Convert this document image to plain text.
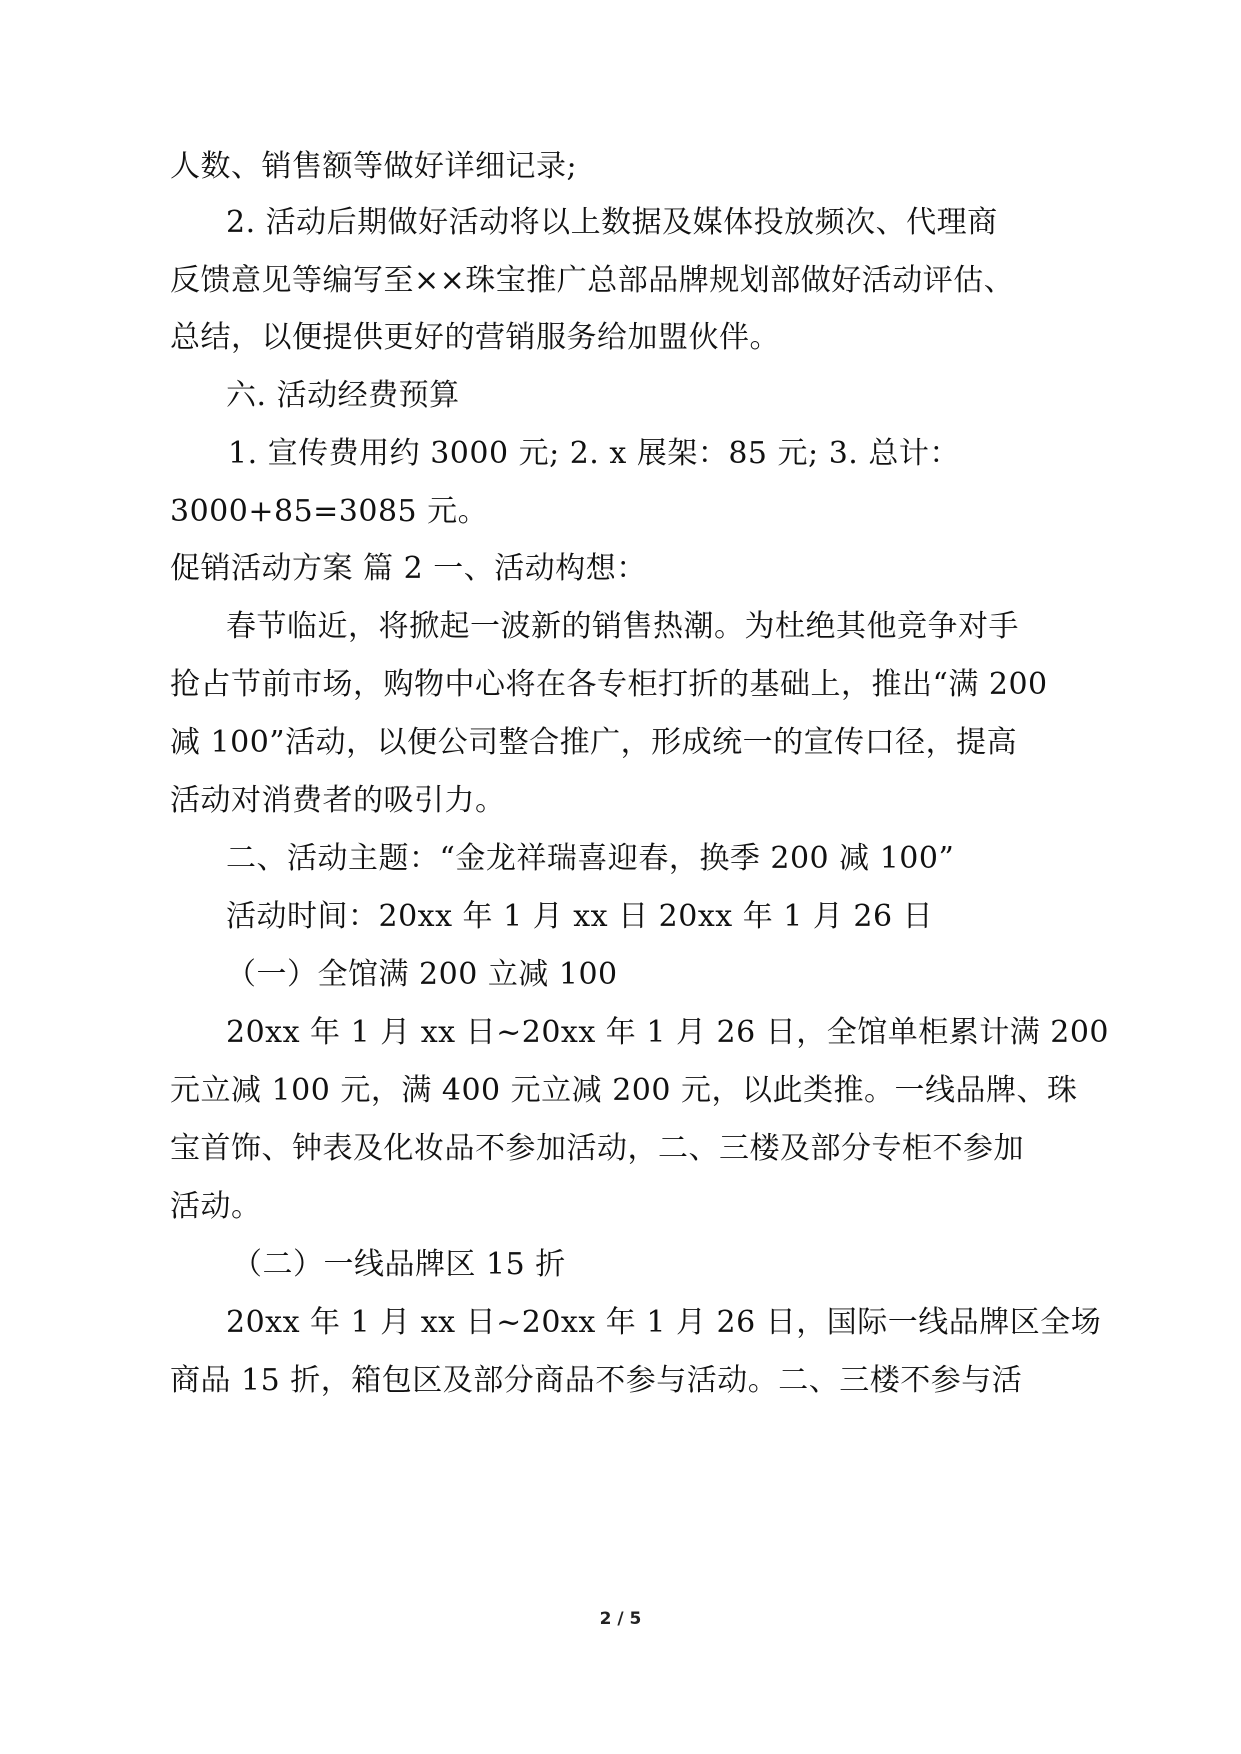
人数、销售额等做好详细记录;
2. 活动后期做好活动将以上数据及媒体投放频次、代理商
反馈意见等编写至××珠宝推广总部品牌规划部做好活动评估、
总结，以便提供更好的营销服务给加盟伙伴。
六. 活动经费预算
1. 宣传费用约 3000 元; 2. x 展架：85 元; 3. 总计：
3000+85=3085 元。
促销活动方案 篇 2 一、活动构想：
春节临近，将掀起一波新的销售热潮。为杜绝其他竞争对手
抢占节前市场，购物中心将在各专柜打折的基础上，推出“满 200
减 100”活动，以便公司整合推广，形成统一的宣传口径，提高
活动对消费者的吸引力。
二、活动主题：“金龙祥瑞喜迎春，换季 200 减 100”
活动时间：20xx 年 1 月 xx 日 20xx 年 1 月 26 日
（一）全馆满 200 立减 100
20xx 年 1 月 xx 日~20xx 年 1 月 26 日，全馆单柜累计满 200
元立减 100 元，满 400 元立减 200 元，以此类推。一线品牌、珠
宝首饰、钟表及化妆品不参加活动，二、三楼及部分专柜不参加
活动。
（二）一线品牌区 15 折
20xx 年 1 月 xx 日~20xx 年 1 月 26 日，国际一线品牌区全场
商品 15 折，箱包区及部分商品不参与活动。二、三楼不参与活
2 / 5
